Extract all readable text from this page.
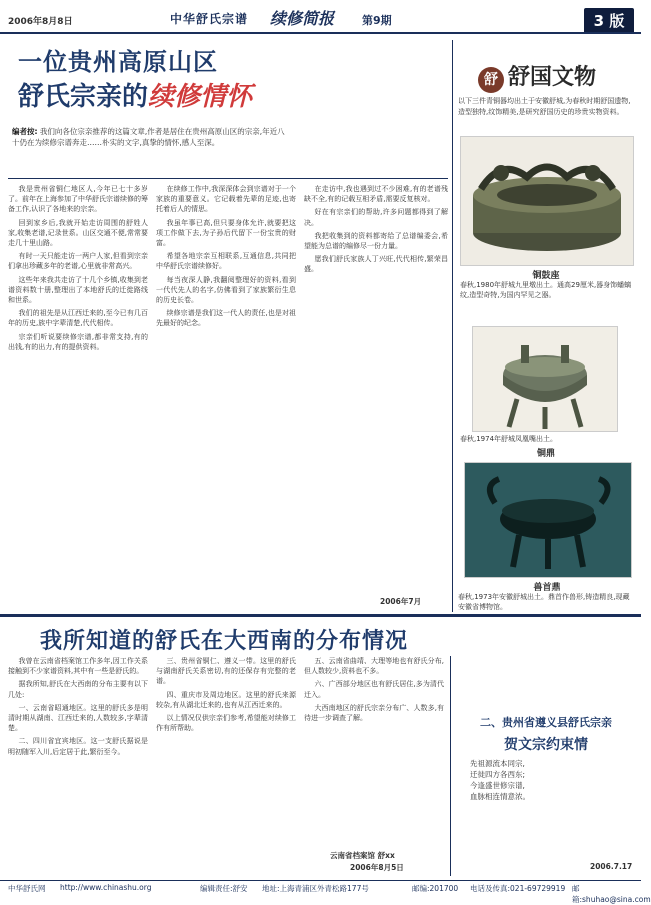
2006年8月8日	中华舒氏宗谱 续修简报	第9期	3 版
一位贵州高原山区
舒氏宗亲的续修情怀
编者按: 我们向各位宗亲推荐的这篇文章,作者是居住在贵州高原山区的宗亲,年近八十仍在为续修宗谱奔走……朴实的文字,真挚的情怀,感人至深。

我是贵州省铜仁地区人,今年已七十多岁了。前年在上海参加了中华舒氏宗谱续修的筹备工作,认识了各地来的宗亲。

回到家乡后,我就开始走访周围的舒姓人家,收集老谱,记录世系。山区交通不便,常常要走几十里山路。

有时一天只能走访一两户人家,但看到宗亲们拿出珍藏多年的老谱,心里就非常高兴。

这些年来我共走访了十几个乡镇,收集到老谱资料数十册,整理出了本地舒氏的迁徙路线和世系。

我们的祖先是从江西迁来的,至今已有几百年的历史,族中字辈清楚,代代相传。

宗亲们听说要续修宗谱,都非常支持,有的出钱,有的出力,有的提供资料。

在续修工作中,我深深体会到宗谱对于一个家族的重要意义。它记载着先辈的足迹,也寄托着后人的情思。

我虽年事已高,但只要身体允许,就要把这项工作做下去,为子孙后代留下一份宝贵的财富。

希望各地宗亲互相联系,互通信息,共同把中华舒氏宗谱续修好。

每当夜深人静,我翻阅整理好的资料,看到一代代先人的名字,仿佛看到了家族繁衍生息的历史长卷。

续修宗谱是我们这一代人的责任,也是对祖先最好的纪念。

在走访中,我也遇到过不少困难,有的老谱残缺不全,有的记载互相矛盾,需要反复核对。

好在有宗亲们的帮助,许多问题都得到了解决。

我把收集到的资料都寄给了总谱编委会,希望能为总谱的编修尽一份力量。

愿我们舒氏家族人丁兴旺,代代相传,繁荣昌盛。

2006年7月
舒 舒国文物
以下三件青铜器均出土于安徽舒城,为春秋时期舒国遗物,造型独特,纹饰精美,是研究舒国历史的珍贵实物资料。
铜鼓座
春秋,1980年舒城九里墩出土。通高29厘米,器身饰蟠螭纹,造型奇特,为国内罕见之器。
春秋,1974年舒城凤凰嘴出土。
铜鼎
兽首鼎
春秋,1973年安徽舒城出土。鼎首作兽形,铸造精良,现藏安徽省博物馆。
我所知道的舒氏在大西南的分布情况

我曾在云南省档案馆工作多年,因工作关系接触到不少家谱资料,其中有一些是舒氏的。

据我所知,舒氏在大西南的分布主要有以下几处:

一、云南省昭通地区。这里的舒氏多是明清时期从湖南、江西迁来的,人数较多,字辈清楚。

二、四川省宜宾地区。这一支舒氏据说是明初随军入川,后定居于此,繁衍至今。

三、贵州省铜仁、遵义一带。这里的舒氏与湖南舒氏关系密切,有的还保存有完整的老谱。

四、重庆市及周边地区。这里的舒氏来源较杂,有从湖北迁来的,也有从江西迁来的。

以上情况仅供宗亲们参考,希望能对续修工作有所帮助。

五、云南省曲靖、大理等地也有舒氏分布,但人数较少,资料也不多。

六、广西部分地区也有舒氏居住,多为清代迁入。

大西南地区的舒氏宗亲分布广、人数多,有待进一步调查了解。

云南省档案馆 舒xx
2006年8月5日
二、贵州省遵义县舒氏宗亲
贺文宗约束情
先祖源流本同宗,
迁徙四方各西东;
今逢盛世修宗谱,
血脉相连情意浓。
2006.7.17
中华舒氏网 http://www.chinashu.org	编辑责任:舒安 地址:上海青浦区外青松路177号	邮编:201700 电话及传真:021-69729919 邮箱:shuhao@sina.com
